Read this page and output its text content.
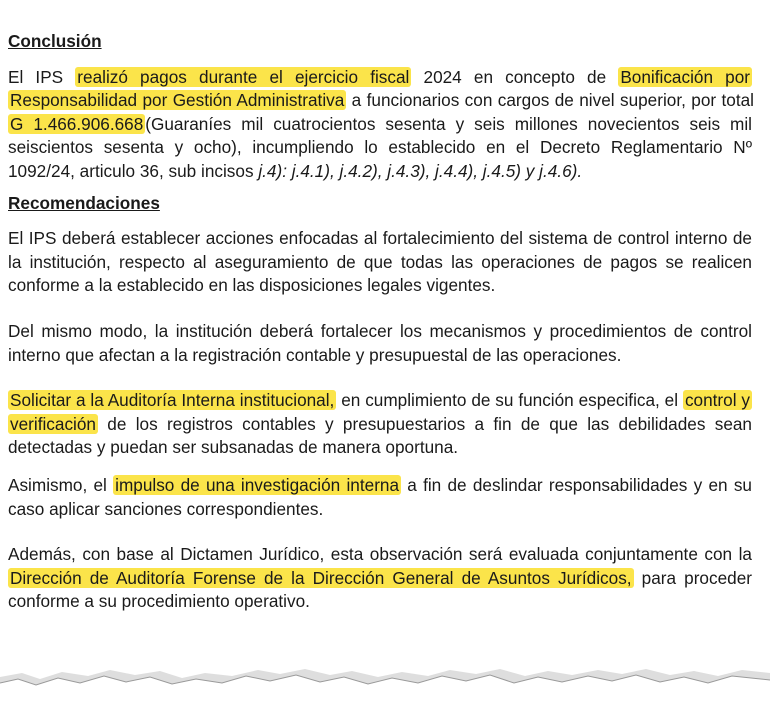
Conclusión

El IPS realizó pagos durante el ejercicio fiscal 2024 en concepto de Bonificación por Responsabilidad por Gestión Administrativa a funcionarios con cargos de nivel superior, por total G 1.466.906.668 (Guaraníes mil cuatrocientos sesenta y seis millones novecientos seis mil seiscientos sesenta y ocho), incumpliendo lo establecido en el Decreto Reglamentario Nº 1092/24, articulo 36, sub incisos j.4): j.4.1), j.4.2), j.4.3), j.4.4), j.4.5) y j.4.6).

Recomendaciones

El IPS deberá establecer acciones enfocadas al fortalecimiento del sistema de control interno de la institución, respecto al aseguramiento de que todas las operaciones de pagos se realicen conforme a la establecido en las disposiciones legales vigentes.

Del mismo modo, la institución deberá fortalecer los mecanismos y procedimientos de control interno que afectan a la registración contable y presupuestal de las operaciones.

Solicitar a la Auditoría Interna institucional, en cumplimiento de su función especifica, el control y verificación de los registros contables y presupuestarios a fin de que las debilidades sean detectadas y puedan ser subsanadas de manera oportuna.

Asimismo, el impulso de una investigación interna a fin de deslindar responsabilidades y en su caso aplicar sanciones correspondientes.

Además, con base al Dictamen Jurídico, esta observación será evaluada conjuntamente con la Dirección de Auditoría Forense de la Dirección General de Asuntos Jurídicos, para proceder conforme a su procedimiento operativo.
